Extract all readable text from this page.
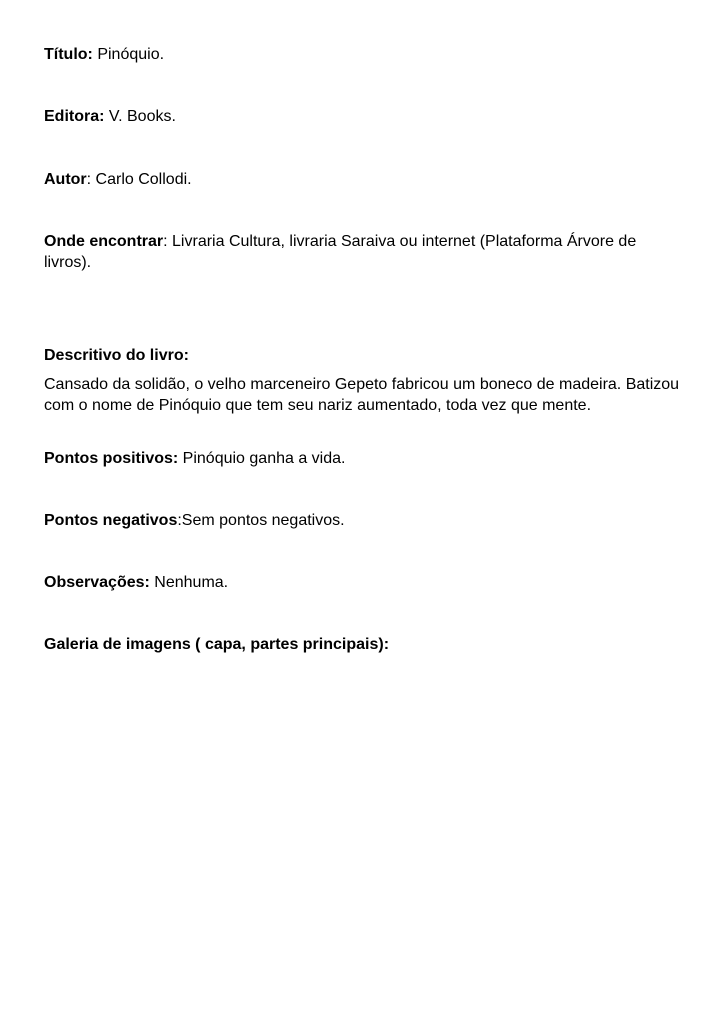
Título: Pinóquio.

Editora: V. Books.

Autor: Carlo Collodi.

Onde encontrar: Livraria Cultura, livraria Saraiva ou internet (Plataforma Árvore de livros).

Descritivo do livro:

Cansado da solidão, o velho marceneiro Gepeto fabricou um boneco de madeira. Batizou com o nome de Pinóquio que tem seu nariz aumentado, toda vez que mente.

Pontos positivos: Pinóquio ganha a vida.

Pontos negativos:Sem pontos negativos.

Observações: Nenhuma.

Galeria de imagens ( capa, partes principais):
